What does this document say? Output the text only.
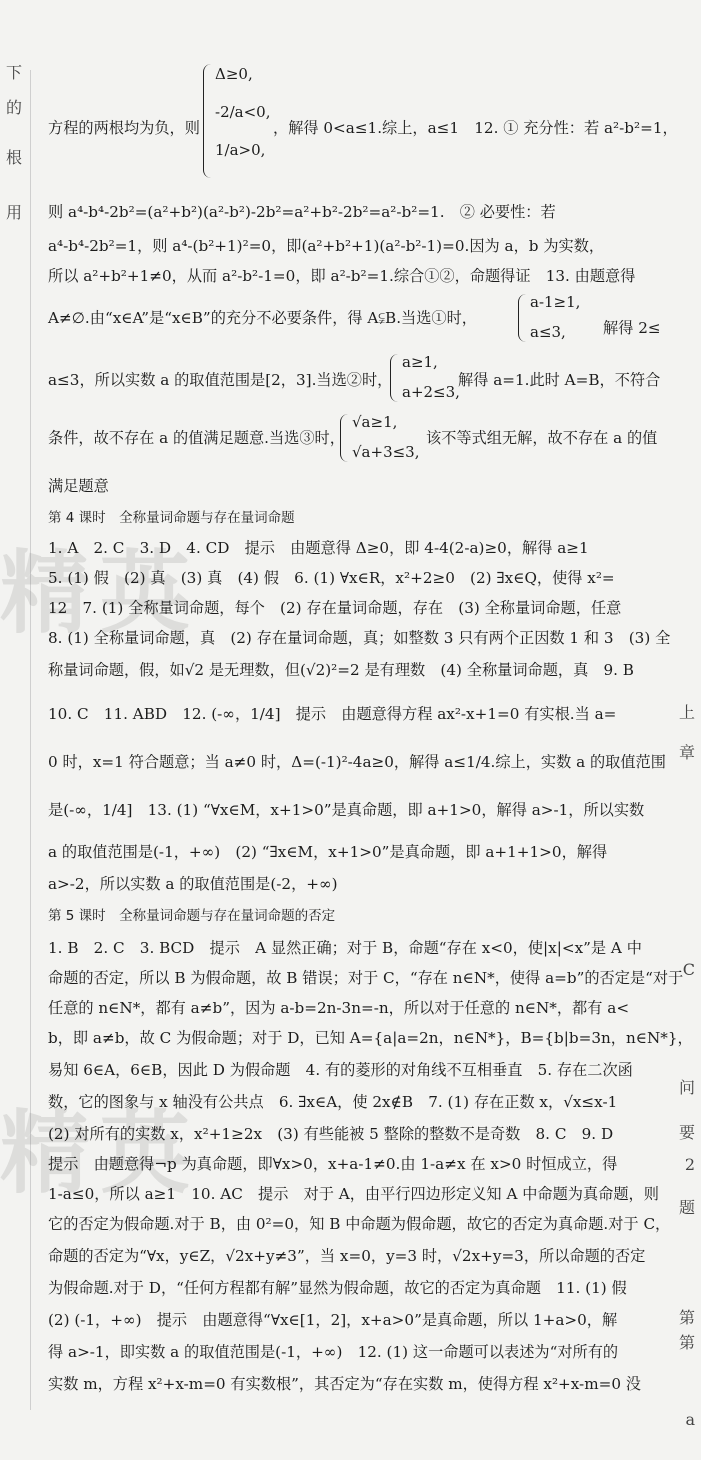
下
的
根
用
上
章
C
问
要
2
题
第
第
a
精英
精英
方程的两根均为负，则
Δ≥0,
-2/a<0,
1/a>0,
，解得 0<a≤1.综上，a≤1　12. ① 充分性：若 a²-b²=1，
则 a⁴-b⁴-2b²=(a²+b²)(a²-b²)-2b²=a²+b²-2b²=a²-b²=1.　② 必要性：若
a⁴-b⁴-2b²=1，则 a⁴-(b²+1)²=0，即(a²+b²+1)(a²-b²-1)=0.因为 a，b 为实数，
所以 a²+b²+1≠0，从而 a²-b²-1=0，即 a²-b²=1.综合①②，命题得证　13. 由题意得
A≠∅.由“x∈A”是“x∈B”的充分不必要条件，得 A⫋B.当选①时，
a-1≥1,
a≤3,	解得 2≤
a≤3，所以实数 a 的取值范围是[2，3].当选②时，
a≥1,
a+2≤3,
解得 a=1.此时 A=B，不符合
条件，故不存在 a 的值满足题意.当选③时，
√a≥1,
√a+3≤3,
该不等式组无解，故不存在 a 的值
满足题意
第 4 课时　全称量词命题与存在量词命题
1. A　2. C　3. D　4. CD　提示　由题意得 Δ≥0，即 4-4(2-a)≥0，解得 a≥1
5. (1) 假　(2) 真　(3) 真　(4) 假　6. (1) ∀x∈R，x²+2≥0　(2) ∃x∈Q，使得 x²=
12　7. (1) 全称量词命题，每个　(2) 存在量词命题，存在　(3) 全称量词命题，任意
8. (1) 全称量词命题，真　(2) 存在量词命题，真；如整数 3 只有两个正因数 1 和 3　(3) 全
称量词命题，假，如√2 是无理数，但(√2)²=2 是有理数　(4) 全称量词命题，真　9. B
10. C　11. ABD　12. (-∞，1/4]　提示　由题意得方程 ax²-x+1=0 有实根.当 a=
0 时，x=1 符合题意；当 a≠0 时，Δ=(-1)²-4a≥0，解得 a≤1/4.综上，实数 a 的取值范围
是(-∞，1/4]　13. (1) “∀x∈M，x+1>0”是真命题，即 a+1>0，解得 a>-1，所以实数
a 的取值范围是(-1，+∞)　(2) “∃x∈M，x+1>0”是真命题，即 a+1+1>0，解得
a>-2，所以实数 a 的取值范围是(-2，+∞)
第 5 课时　全称量词命题与存在量词命题的否定
1. B　2. C　3. BCD　提示　A 显然正确；对于 B，命题“存在 x<0，使|x|<x”是 A 中
命题的否定，所以 B 为假命题，故 B 错误；对于 C，“存在 n∈N*，使得 a=b”的否定是“对于
任意的 n∈N*，都有 a≠b”，因为 a-b=2n-3n=-n，所以对于任意的 n∈N*，都有 a<
b，即 a≠b，故 C 为假命题；对于 D，已知 A={a|a=2n，n∈N*}，B={b|b=3n，n∈N*}，
易知 6∈A，6∈B，因此 D 为假命题　4. 有的菱形的对角线不互相垂直　5. 存在二次函
数，它的图象与 x 轴没有公共点　6. ∃x∈A，使 2x∉B　7. (1) 存在正数 x，√x≤x-1
(2) 对所有的实数 x，x²+1≥2x　(3) 有些能被 5 整除的整数不是奇数　8. C　9. D
提示　由题意得¬p 为真命题，即∀x>0，x+a-1≠0.由 1-a≠x 在 x>0 时恒成立，得
1-a≤0，所以 a≥1　10. AC　提示　对于 A，由平行四边形定义知 A 中命题为真命题，则
它的否定为假命题.对于 B，由 0²=0，知 B 中命题为假命题，故它的否定为真命题.对于 C，
命题的否定为“∀x，y∈Z，√2x+y≠3”，当 x=0，y=3 时，√2x+y=3，所以命题的否定
为假命题.对于 D，“任何方程都有解”显然为假命题，故它的否定为真命题　11. (1) 假
(2) (-1，+∞)　提示　由题意得“∀x∈[1，2]，x+a>0”是真命题，所以 1+a>0，解
得 a>-1，即实数 a 的取值范围是(-1，+∞)　12. (1) 这一命题可以表述为“对所有的
实数 m，方程 x²+x-m=0 有实数根”，其否定为“存在实数 m，使得方程 x²+x-m=0 没
